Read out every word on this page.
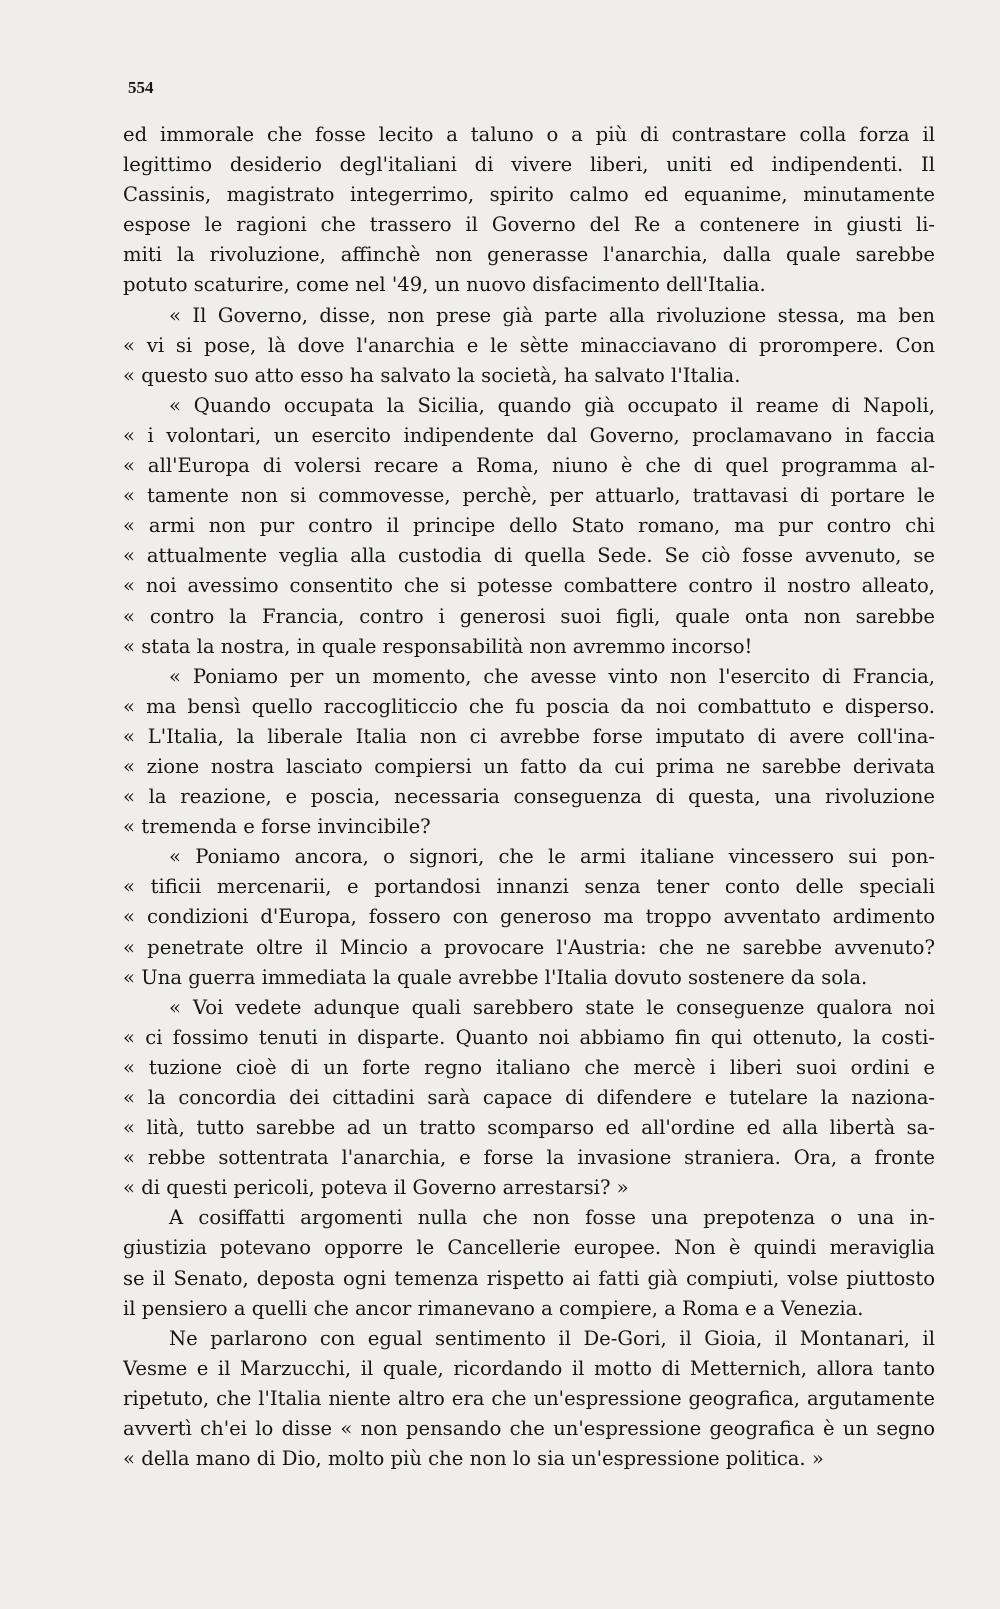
554
ed immorale che fosse lecito a taluno o a più di contrastare colla forza il
legittimo desiderio degl'italiani di vivere liberi, uniti ed indipendenti. Il
Cassinis, magistrato integerrimo, spirito calmo ed equanime, minutamente
espose le ragioni che trassero il Governo del Re a contenere in giusti li-
miti la rivoluzione, affinchè non generasse l'anarchia, dalla quale sarebbe
potuto scaturire, come nel '49, un nuovo disfacimento dell'Italia.
« Il Governo, disse, non prese già parte alla rivoluzione stessa, ma ben
« vi si pose, là dove l'anarchia e le sètte minacciavano di prorompere. Con
« questo suo atto esso ha salvato la società, ha salvato l'Italia.
« Quando occupata la Sicilia, quando già occupato il reame di Napoli,
« i volontari, un esercito indipendente dal Governo, proclamavano in faccia
« all'Europa di volersi recare a Roma, niuno è che di quel programma al-
« tamente non si commovesse, perchè, per attuarlo, trattavasi di portare le
« armi non pur contro il principe dello Stato romano, ma pur contro chi
« attualmente veglia alla custodia di quella Sede. Se ciò fosse avvenuto, se
« noi avessimo consentito che si potesse combattere contro il nostro alleato,
« contro la Francia, contro i generosi suoi figli, quale onta non sarebbe
« stata la nostra, in quale responsabilità non avremmo incorso!
« Poniamo per un momento, che avesse vinto non l'esercito di Francia,
« ma bensì quello raccogliticcio che fu poscia da noi combattuto e disperso.
« L'Italia, la liberale Italia non ci avrebbe forse imputato di avere coll'ina-
« zione nostra lasciato compiersi un fatto da cui prima ne sarebbe derivata
« la reazione, e poscia, necessaria conseguenza di questa, una rivoluzione
« tremenda e forse invincibile?
« Poniamo ancora, o signori, che le armi italiane vincessero sui pon-
« tificii mercenarii, e portandosi innanzi senza tener conto delle speciali
« condizioni d'Europa, fossero con generoso ma troppo avventato ardimento
« penetrate oltre il Mincio a provocare l'Austria: che ne sarebbe avvenuto?
« Una guerra immediata la quale avrebbe l'Italia dovuto sostenere da sola.
« Voi vedete adunque quali sarebbero state le conseguenze qualora noi
« ci fossimo tenuti in disparte. Quanto noi abbiamo fin qui ottenuto, la costi-
« tuzione cioè di un forte regno italiano che mercè i liberi suoi ordini e
« la concordia dei cittadini sarà capace di difendere e tutelare la naziona-
« lità, tutto sarebbe ad un tratto scomparso ed all'ordine ed alla libertà sa-
« rebbe sottentrata l'anarchia, e forse la invasione straniera. Ora, a fronte
« di questi pericoli, poteva il Governo arrestarsi? »
A cosiffatti argomenti nulla che non fosse una prepotenza o una in-
giustizia potevano opporre le Cancellerie europee. Non è quindi meraviglia
se il Senato, deposta ogni temenza rispetto ai fatti già compiuti, volse piuttosto
il pensiero a quelli che ancor rimanevano a compiere, a Roma e a Venezia.
Ne parlarono con egual sentimento il De-Gori, il Gioia, il Montanari, il
Vesme e il Marzucchi, il quale, ricordando il motto di Metternich, allora tanto
ripetuto, che l'Italia niente altro era che un'espressione geografica, argutamente
avvertì ch'ei lo disse « non pensando che un'espressione geografica è un segno
« della mano di Dio, molto più che non lo sia un'espressione politica. »
